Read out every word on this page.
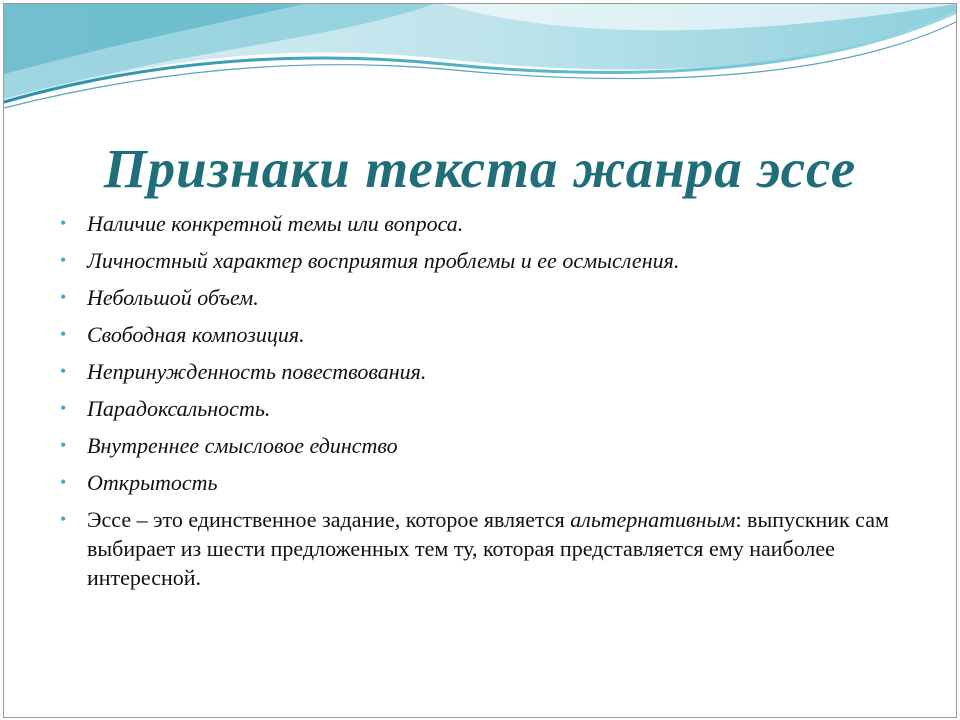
Признаки текста жанра эссе
• Наличие конкретной темы или вопроса.
• Личностный характер восприятия проблемы и ее осмысления.
• Небольшой объем.
• Свободная композиция.
• Непринужденность повествования.
• Парадоксальность.
• Внутреннее смысловое единство
• Открытость
• Эссе – это единственное задание, которое является альтернативным: выпускник сам выбирает из шести предложенных тем ту, которая представляется ему наиболее интересной.
